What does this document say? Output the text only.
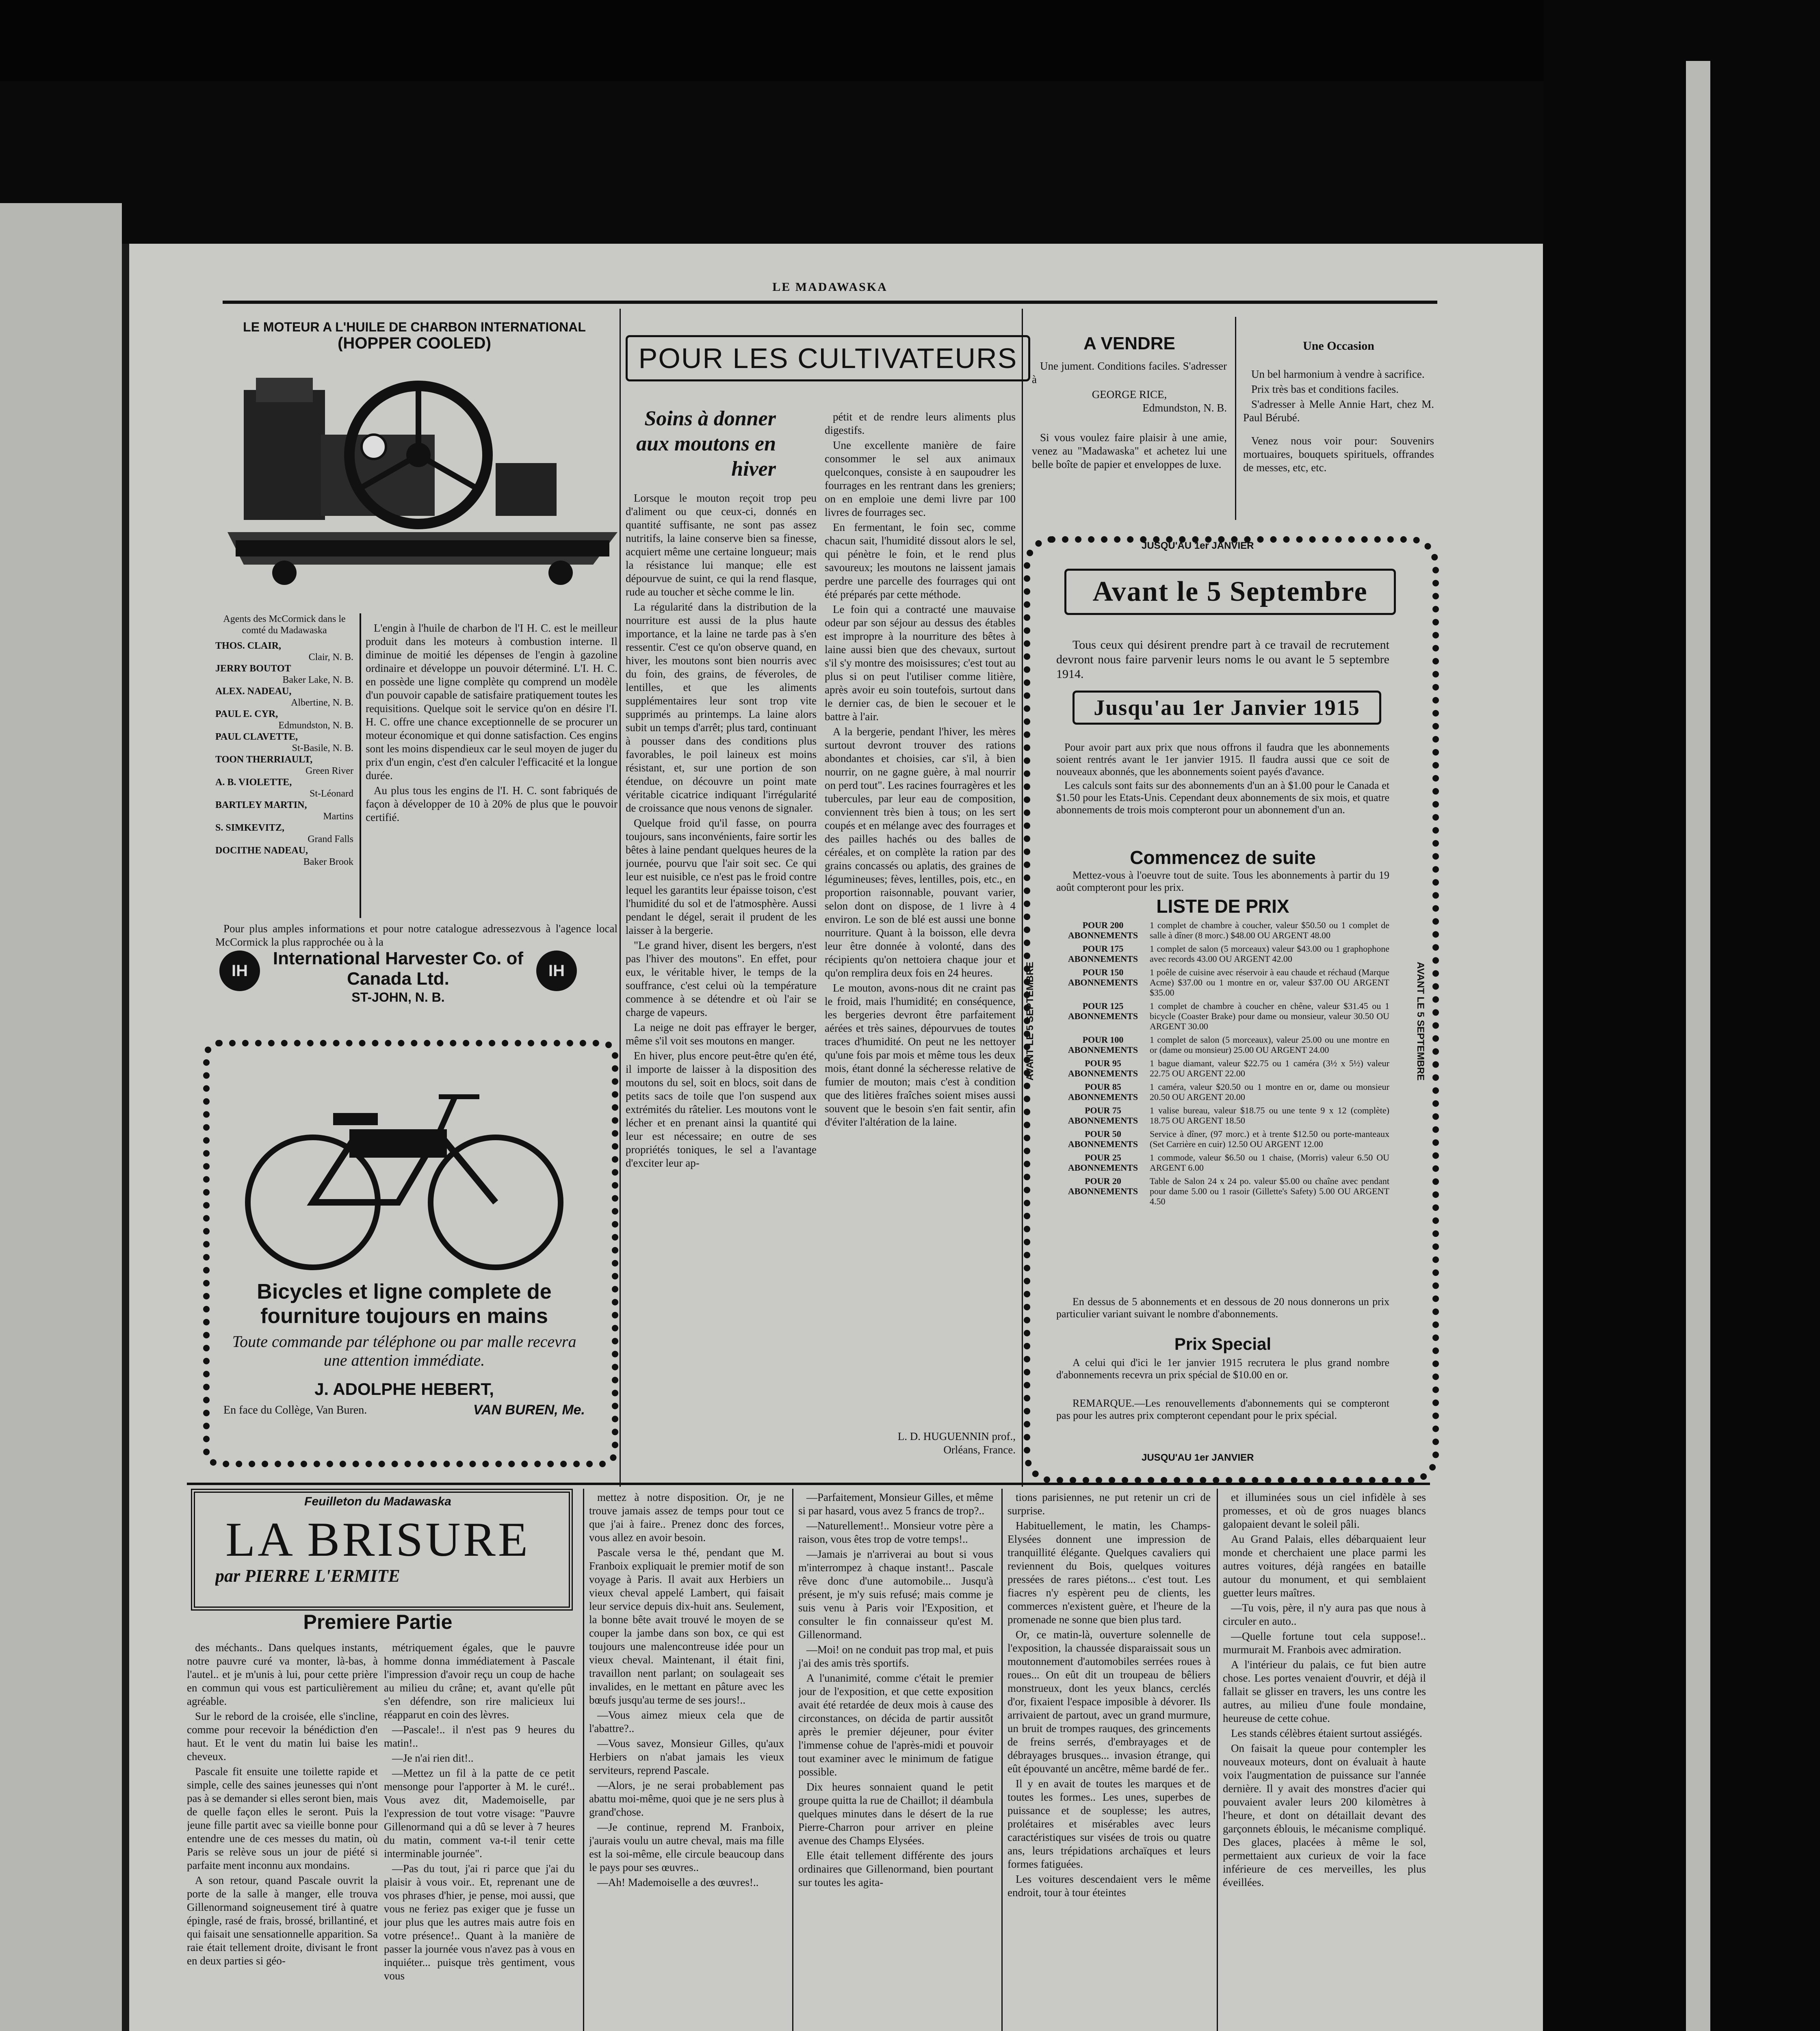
LE MADAWASKA
LE MOTEUR A L'HUILE DE CHARBON INTERNATIONAL
(HOPPER COOLED)
Agents des McCormick dans le comté du Madawaska
THOS. CLAIR,
Clair, N. B.
JERRY BOUTOT
Baker Lake, N. B.
ALEX. NADEAU,
Albertine, N. B.
PAUL E. CYR,
Edmundston, N. B.
PAUL CLAVETTE,
St-Basile, N. B.
TOON THERRIAULT,
Green River
A. B. VIOLETTE,
St-Léonard
BARTLEY MARTIN,
Martins
S. SIMKEVITZ,
Grand Falls
DOCITHE NADEAU,
Baker Brook

L'engin à l'huile de charbon de l'I H. C. est le meilleur produit dans les moteurs à combustion interne. Il diminue de moitié les dépenses de l'engin à gazoline ordinaire et développe un pouvoir déterminé. L'I. H. C. en possède une ligne complète qu comprend un modèle d'un pouvoir capable de satisfaire pratiquement toutes les requisitions. Quelque soit le service qu'on en désire l'I. H. C. offre une chance exceptionnelle de se procurer un moteur économique et qui donne satisfaction. Ces engins sont les moins dispendieux car le seul moyen de juger du prix d'un engin, c'est d'en calculer l'efficacité et la longue durée.

Au plus tous les engins de l'I. H. C. sont fabriqués de façon à développer de 10 à 20% de plus que le pouvoir certifié.

Pour plus amples informations et pour notre catalogue adressezvous à l'agence local McCormick la plus rapprochée ou à la

IH	IH
International Harvester Co. of Canada Ltd.
ST-JOHN, N. B.
Bicycles et ligne complete de fourniture toujours en mains
Toute commande par téléphone ou par malle recevra une attention immédiate.
J. ADOLPHE HEBERT,
En face du Collège, Van Buren.	VAN BUREN, Me.
POUR LES CULTIVATEURS
Soins à donner aux moutons en hiver

Lorsque le mouton reçoit trop peu d'aliment ou que ceux-ci, donnés en quantité suffisante, ne sont pas assez nutritifs, la laine conserve bien sa finesse, acquiert même une certaine longueur; mais la résistance lui manque; elle est dépourvue de suint, ce qui la rend flasque, rude au toucher et sèche comme le lin.

La régularité dans la distribution de la nourriture est aussi de la plus haute importance, et la laine ne tarde pas à s'en ressentir. C'est ce qu'on observe quand, en hiver, les moutons sont bien nourris avec du foin, des grains, de féveroles, de lentilles, et que les aliments supplémentaires leur sont trop vite supprimés au printemps. La laine alors subit un temps d'arrêt; plus tard, continuant à pousser dans des conditions plus favorables, le poil laineux est moins résistant, et, sur une portion de son étendue, on découvre un point mate véritable cicatrice indiquant l'irrégularité de croissance que nous venons de signaler.

Quelque froid qu'il fasse, on pourra toujours, sans inconvénients, faire sortir les bêtes à laine pendant quelques heures de la journée, pourvu que l'air soit sec. Ce qui leur est nuisible, ce n'est pas le froid contre lequel les garantits leur épaisse toison, c'est l'humidité du sol et de l'atmosphère. Aussi pendant le dégel, serait il prudent de les laisser à la bergerie.

"Le grand hiver, disent les bergers, n'est pas l'hiver des moutons". En effet, pour eux, le véritable hiver, le temps de la souffrance, c'est celui où la température commence à se détendre et où l'air se charge de vapeurs.

La neige ne doit pas effrayer le berger, même s'il voit ses moutons en manger.

En hiver, plus encore peut-être qu'en été, il importe de laisser à la disposition des moutons du sel, soit en blocs, soit dans de petits sacs de toile que l'on suspend aux extrémités du râtelier. Les moutons vont le lécher et en prenant ainsi la quantité qui leur est nécessaire; en outre de ses propriétés toniques, le sel a l'avantage d'exciter leur ap-

pétit et de rendre leurs aliments plus digestifs.

Une excellente manière de faire consommer le sel aux animaux quelconques, consiste à en saupoudrer les fourrages en les rentrant dans les greniers; on en emploie une demi livre par 100 livres de fourrages sec.

En fermentant, le foin sec, comme chacun sait, l'humidité dissout alors le sel, qui pénètre le foin, et le rend plus savoureux; les moutons ne laissent jamais perdre une parcelle des fourrages qui ont été préparés par cette méthode.

Le foin qui a contracté une mauvaise odeur par son séjour au dessus des étables est impropre à la nourriture des bêtes à laine aussi bien que des chevaux, surtout s'il s'y montre des moisissures; c'est tout au plus si on peut l'utiliser comme litière, après avoir eu soin toutefois, surtout dans le dernier cas, de bien le secouer et le battre à l'air.

A la bergerie, pendant l'hiver, les mères surtout devront trouver des rations abondantes et choisies, car s'il, à bien nourrir, on ne gagne guère, à mal nourrir on perd tout". Les racines fourragères et les tubercules, par leur eau de composition, conviennent très bien à tous; on les sert coupés et en mélange avec des fourrages et des pailles hachés ou des balles de céréales, et on complète la ration par des grains concassés ou aplatis, des graines de légumineuses; fèves, lentilles, pois, etc., en proportion raisonnable, pouvant varier, selon dont on dispose, de 1 livre à 4 environ. Le son de blé est aussi une bonne nourriture. Quant à la boisson, elle devra leur être donnée à volonté, dans des récipients qu'on nettoiera chaque jour et qu'on remplira deux fois en 24 heures.

Le mouton, avons-nous dit ne craint pas le froid, mais l'humidité; en conséquence, les bergeries devront être parfaitement aérées et très saines, dépourvues de toutes traces d'humidité. On peut ne les nettoyer qu'une fois par mois et même tous les deux mois, étant donné la sécheresse relative de fumier de mouton; mais c'est à condition que des litières fraîches soient mises aussi souvent que le besoin s'en fait sentir, afin d'éviter l'altération de la laine.

L. D. HUGUENNIN prof.,
Orléans, France.
A VENDRE

Une jument. Conditions faciles. S'adresser à

GEORGE RICE,
Edmundston, N. B.

Si vous voulez faire plaisir à une amie, venez au "Madawaska" et achetez lui une belle boîte de papier et enveloppes de luxe.

Une Occasion

Un bel harmonium à vendre à sacrifice.

Prix très bas et conditions faciles.

S'adresser à Melle Annie Hart, chez M. Paul Bérubé.

Venez nous voir pour: Souvenirs mortuaires, bouquets spirituels, offrandes de messes, etc, etc.

JUSQU'AU 1er JANVIER
JUSQU'AU 1er JANVIER
AVANT LE 5 SEPTEMBRE	AVANT LE 5 SEPTEMBRE
Avant le 5 Septembre
Tous ceux qui désirent prendre part à ce travail de recrutement devront nous faire parvenir leurs noms le ou avant le 5 septembre 1914.
Jusqu'au 1er Janvier 1915

Pour avoir part aux prix que nous offrons il faudra que les abonnements soient rentrés avant le 1er janvier 1915. Il faudra aussi que ce soit de nouveaux abonnés, que les abonnements soient payés d'avance.

Les calculs sont faits sur des abonnements d'un an à $1.00 pour le Canada et $1.50 pour les Etats-Unis. Cependant deux abonnements de six mois, et quatre abonnements de trois mois compteront pour un abonnement d'un an.

Commencez de suite
Mettez-vous à l'oeuvre tout de suite. Tous les abonnements à partir du 19 août compteront pour les prix.
LISTE DE PRIX
POUR 200 ABONNEMENTS
1 complet de chambre à coucher, valeur $50.50 ou 1 complet de salle à dîner (8 morc.) $48.00 OU ARGENT 48.00
POUR 175 ABONNEMENTS
1 complet de salon (5 morceaux) valeur $43.00 ou 1 graphophone avec records 43.00 OU ARGENT 42.00
POUR 150 ABONNEMENTS
1 poêle de cuisine avec réservoir à eau chaude et réchaud (Marque Acme) $37.00 ou 1 montre en or, valeur $37.00 OU ARGENT $35.00
POUR 125 ABONNEMENTS
1 complet de chambre à coucher en chêne, valeur $31.45 ou 1 bicycle (Coaster Brake) pour dame ou monsieur, valeur 30.50 OU ARGENT 30.00
POUR 100 ABONNEMENTS
1 complet de salon (5 morceaux), valeur 25.00 ou une montre en or (dame ou monsieur) 25.00 OU ARGENT 24.00
POUR 95 ABONNEMENTS
1 bague diamant, valeur $22.75 ou 1 caméra (3½ x 5½) valeur 22.75 OU ARGENT 22.00
POUR 85 ABONNEMENTS
1 caméra, valeur $20.50 ou 1 montre en or, dame ou monsieur 20.50 OU ARGENT 20.00
POUR 75 ABONNEMENTS
1 valise bureau, valeur $18.75 ou une tente 9 x 12 (complète) 18.75 OU ARGENT 18.50
POUR 50 ABONNEMENTS
Service à dîner, (97 morc.) et à trente $12.50 ou porte-manteaux (Set Carrière en cuir) 12.50 OU ARGENT 12.00
POUR 25 ABONNEMENTS
1 commode, valeur $6.50 ou 1 chaise, (Morris) valeur 6.50 OU ARGENT 6.00
POUR 20 ABONNEMENTS
Table de Salon 24 x 24 po. valeur $5.00 ou chaîne avec pendant pour dame 5.00 ou 1 rasoir (Gillette's Safety) 5.00 OU ARGENT 4.50
En dessus de 5 abonnements et en dessous de 20 nous donnerons un prix particulier variant suivant le nombre d'abonnements.
Prix Special
A celui qui d'ici le 1er janvier 1915 recrutera le plus grand nombre d'abonnements recevra un prix spécial de $10.00 en or.
REMARQUE.—Les renouvellements d'abonnements qui se compteront pas pour les autres prix compteront cependant pour le prix spécial.
Feuilleton du Madawaska
LA BRISURE
par PIERRE L'ERMITE
Premiere Partie

des méchants.. Dans quelques instants, notre pauvre curé va monter, là-bas, à l'autel.. et je m'unis à lui, pour cette prière en commun qui vous est particulièrement agréable.

Sur le rebord de la croisée, elle s'incline, comme pour recevoir la bénédiction d'en haut. Et le vent du matin lui baise les cheveux.

Pascale fit ensuite une toilette rapide et simple, celle des saines jeunesses qui n'ont pas à se demander si elles seront bien, mais de quelle façon elles le seront. Puis la jeune fille partit avec sa vieille bonne pour entendre une de ces messes du matin, où Paris se relève sous un jour de piété si parfaite ment inconnu aux mondains.

A son retour, quand Pascale ouvrit la porte de la salle à manger, elle trouva Gillenormand soigneusement tiré à quatre épingle, rasé de frais, brossé, brillantiné, et qui faisait une sensationnelle apparition. Sa raie était tellement droite, divisant le front en deux parties si géo-

métriquement égales, que le pauvre homme donna immédiatement à Pascale l'impression d'avoir reçu un coup de hache au milieu du crâne; et, avant qu'elle pût s'en défendre, son rire malicieux lui réapparut en coin des lèvres.

—Pascale!.. il n'est pas 9 heures du matin!..

—Je n'ai rien dit!..

—Mettez un fil à la patte de ce petit mensonge pour l'apporter à M. le curé!.. Vous avez dit, Mademoiselle, par l'expression de tout votre visage: "Pauvre Gillenormand qui a dû se lever à 7 heures du matin, comment va-t-il tenir cette interminable journée".

—Pas du tout, j'ai ri parce que j'ai du plaisir à vous voir.. Et, reprenant une de vos phrases d'hier, je pense, moi aussi, que vous ne feriez pas exiger que je fusse un jour plus que les autres mais autre fois en votre présence!.. Quant à la manière de passer la journée vous n'avez pas à vous en inquiéter... puisque très gentiment, vous vous

mettez à notre disposition. Or, je ne trouve jamais assez de temps pour tout ce que j'ai à faire.. Prenez donc des forces, vous allez en avoir besoin.

Pascale versa le thé, pendant que M. Franboix expliquait le premier motif de son voyage à Paris. Il avait aux Herbiers un vieux cheval appelé Lambert, qui faisait leur service depuis dix-huit ans. Seulement, la bonne bête avait trouvé le moyen de se couper la jambe dans son box, ce qui est toujours une malencontreuse idée pour un vieux cheval. Maintenant, il était fini, travaillon nent parlant; on soulageait ses invalides, en le mettant en pâture avec les bœufs jusqu'au terme de ses jours!..

—Vous aimez mieux cela que de l'abattre?..

—Vous savez, Monsieur Gilles, qu'aux Herbiers on n'abat jamais les vieux serviteurs, reprend Pascale.

—Alors, je ne serai probablement pas abattu moi-même, quoi que je ne sers plus à grand'chose.

—Je continue, reprend M. Franboix, j'aurais voulu un autre cheval, mais ma fille est la soi-même, elle circule beaucoup dans le pays pour ses œuvres..

—Ah! Mademoiselle a des œuvres!..

—Parfaitement, Monsieur Gilles, et même si par hasard, vous avez 5 francs de trop?..

—Naturellement!.. Monsieur votre père a raison, vous êtes trop de votre temps!..

—Jamais je n'arriverai au bout si vous m'interrompez à chaque instant!.. Pascale rêve donc d'une automobile... Jusqu'à présent, je m'y suis refusé; mais comme je suis venu à Paris voir l'Exposition, et consulter le fin connaisseur qu'est M. Gillenormand.

—Moi! on ne conduit pas trop mal, et puis j'ai des amis très sportifs.

A l'unanimité, comme c'était le premier jour de l'exposition, et que cette exposition avait été retardée de deux mois à cause des circonstances, on décida de partir aussitôt après le premier déjeuner, pour éviter l'immense cohue de l'après-midi et pouvoir tout examiner avec le minimum de fatigue possible.

Dix heures sonnaient quand le petit groupe quitta la rue de Chaillot; il déambula quelques minutes dans le désert de la rue Pierre-Charron pour arriver en pleine avenue des Champs Elysées.

Elle était tellement différente des jours ordinaires que Gillenormand, bien pourtant sur toutes les agita-

tions parisiennes, ne put retenir un cri de surprise.

Habituellement, le matin, les Champs-Elysées donnent une impression de tranquillité élégante. Quelques cavaliers qui reviennent du Bois, quelques voitures pressées de rares piétons... c'est tout. Les fiacres n'y espèrent peu de clients, les commerces n'existent guère, et l'heure de la promenade ne sonne que bien plus tard.

Or, ce matin-là, ouverture solennelle de l'exposition, la chaussée disparaissait sous un moutonnement d'automobiles serrées roues à roues... On eût dit un troupeau de bêliers monstrueux, dont les yeux blancs, cerclés d'or, fixaient l'espace imposible à dévorer. Ils arrivaient de partout, avec un grand murmure, un bruit de trompes rauques, des grincements de freins serrés, d'embrayages et de débrayages brusques... invasion étrange, qui eût épouvanté un ancêtre, même bardé de fer..

Il y en avait de toutes les marques et de toutes les formes.. Les unes, superbes de puissance et de souplesse; les autres, prolétaires et misérables avec leurs caractéristiques sur visées de trois ou quatre ans, leurs trépidations archaïques et leurs formes fatiguées.

Les voitures descendaient vers le même endroit, tour à tour éteintes

et illuminées sous un ciel infidèle à ses promesses, et où de gros nuages blancs galopaient devant le soleil pâli.

Au Grand Palais, elles débarquaient leur monde et cherchaient une place parmi les autres voitures, déjà rangées en bataille autour du monument, et qui semblaient guetter leurs maîtres.

—Tu vois, père, il n'y aura pas que nous à circuler en auto..

—Quelle fortune tout cela suppose!.. murmurait M. Franbois avec admiration.

A l'intérieur du palais, ce fut bien autre chose. Les portes venaient d'ouvrir, et déjà il fallait se glisser en travers, les uns contre les autres, au milieu d'une foule mondaine, heureuse de cette cohue.

Les stands célèbres étaient surtout assiégés.

On faisait la queue pour contempler les nouveaux moteurs, dont on évaluait à haute voix l'augmentation de puissance sur l'année dernière. Il y avait des monstres d'acier qui pouvaient avaler leurs 200 kilomètres à l'heure, et dont on détaillait devant des garçonnets éblouis, le mécanisme compliqué. Des glaces, placées à même le sol, permettaient aux curieux de voir la face inférieure de ces merveilles, les plus éveillées.
